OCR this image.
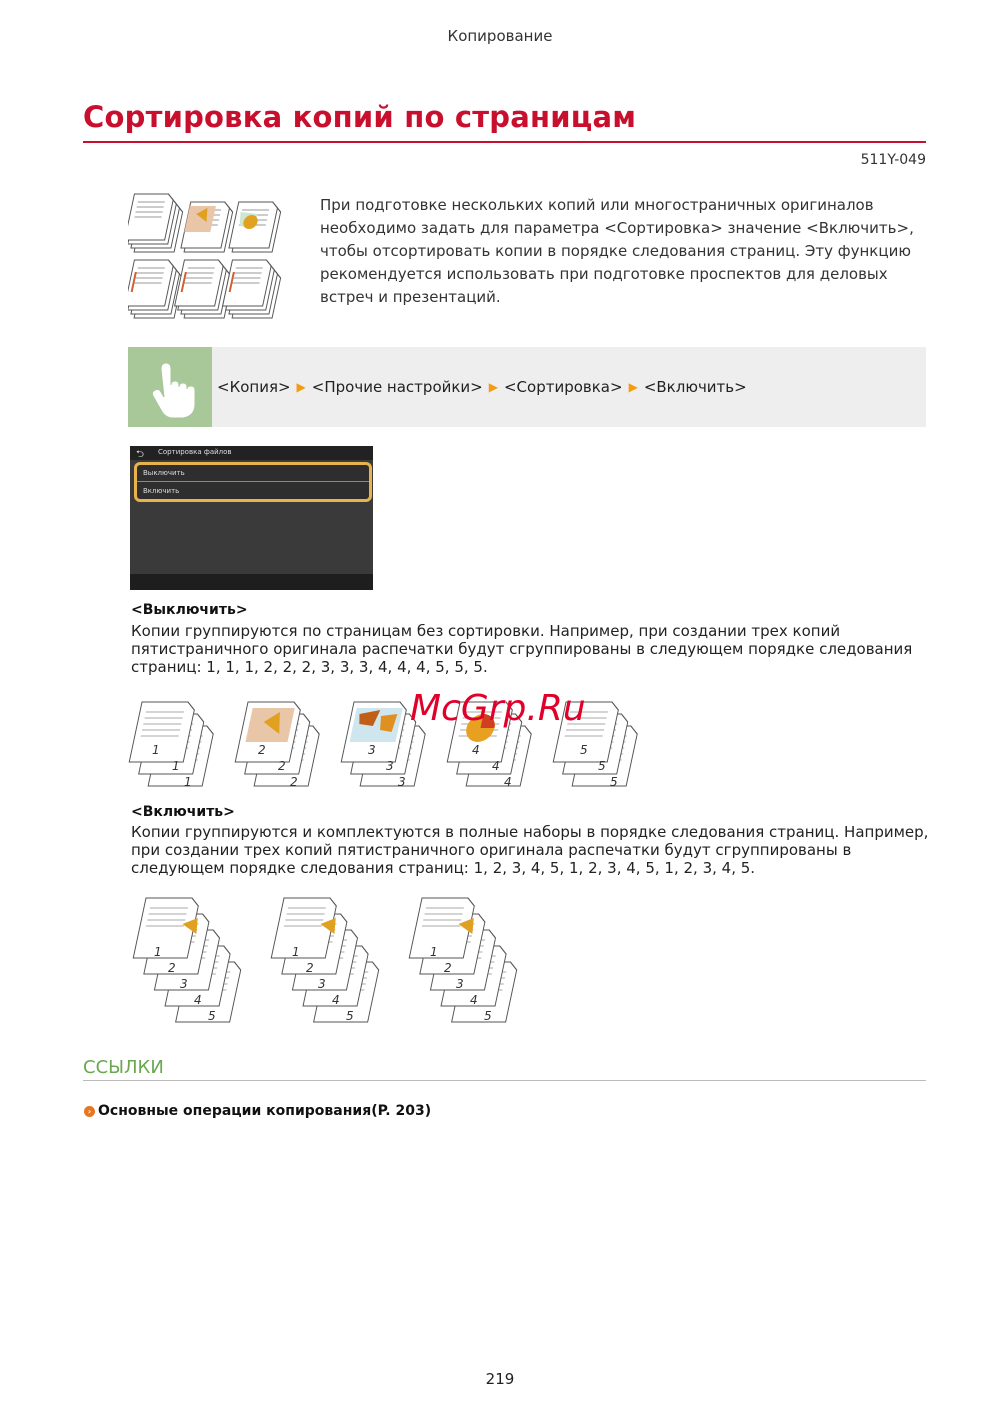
Копирование
Сортировка копий по страницам
511Y-049
При подготовке нескольких копий или многостраничных оригиналов необходимо задать для параметра <Сортировка> значение <Включить>, чтобы отсортировать копии в порядке следования страниц. Эту функцию рекомендуется использовать при подготовке проспектов для деловых встреч и презентаций.
<Копия> ▶ <Прочие настройки> ▶ <Сортировка> ▶ <Включить>
⮌ Сортировка файлов
Выключить
Включить
<Выключить>
Копии группируются по страницам без сортировки. Например, при создании трех копий пятистраничного оригинала распечатки будут сгруппированы в следующем порядке следования страниц: 1, 1, 1, 2, 2, 2, 3, 3, 3, 4, 4, 4, 5, 5, 5.
1
1
1
2
2
2
3
3
3
4
4
4
5
5
5
McGrp.Ru
<Включить>
Копии группируются и комплектуются в полные наборы в порядке следования страниц. Например, при создании трех копий пятистраничного оригинала распечатки будут сгруппированы в следующем порядке следования страниц: 1, 2, 3, 4, 5, 1, 2, 3, 4, 5, 1, 2, 3, 4, 5.
1
2
3
4
5
1
2
3
4
5
1
2
3
4
5
ССЫЛКИ
› Основные операции копирования(P. 203)
219
